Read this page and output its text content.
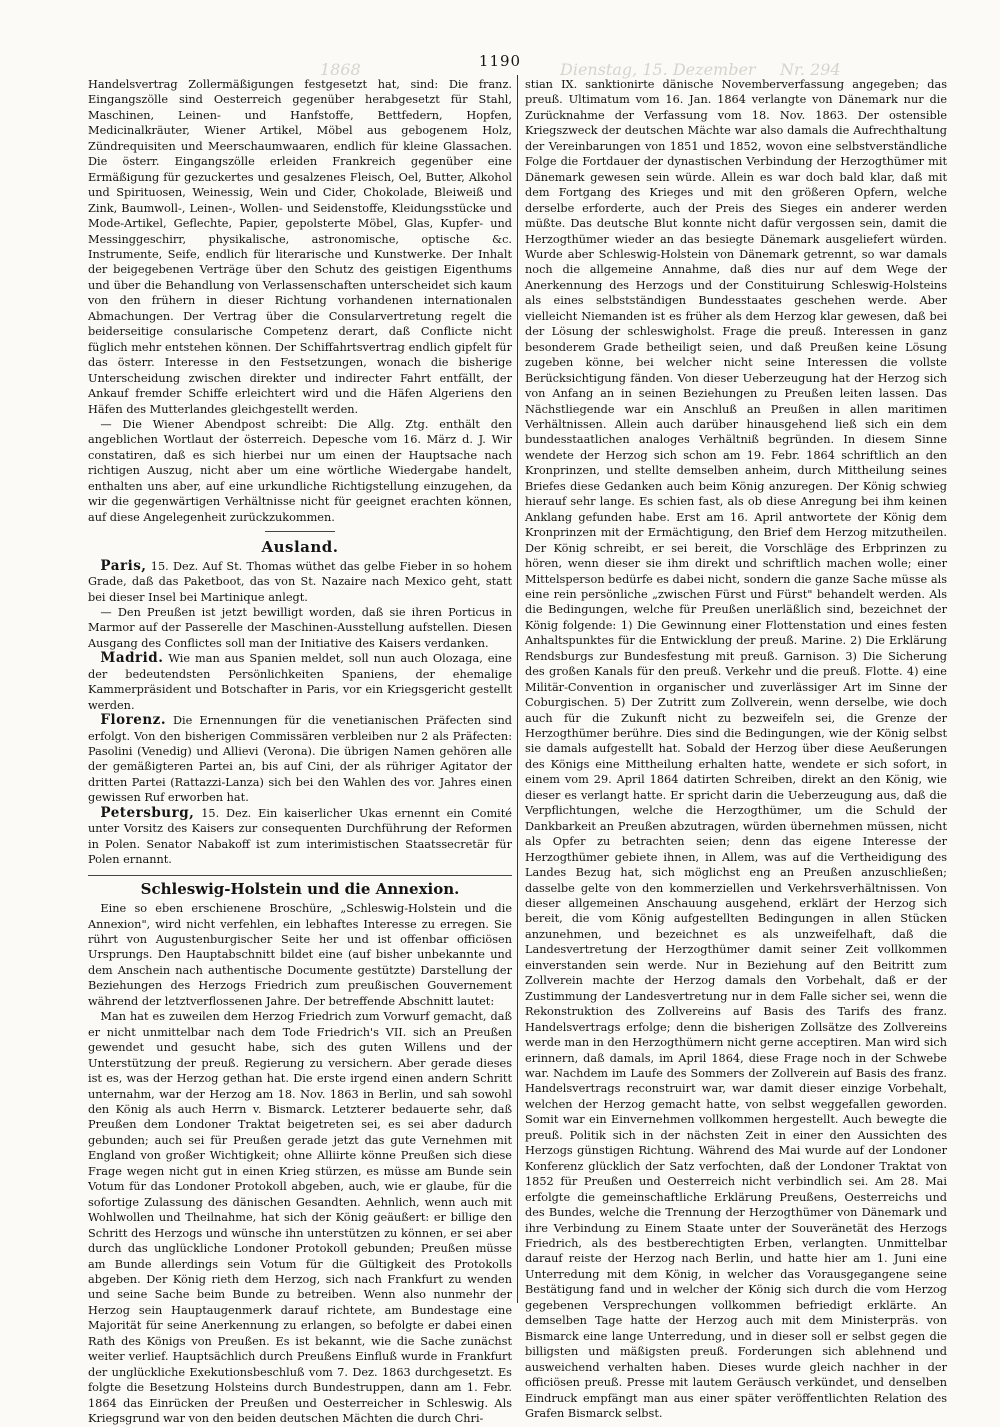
Nr. 294
Dienstag, 15. Dezember
1868	1190

Handelsvertrag Zollermäßigungen festgesetzt hat, sind: Die franz. Eingangszölle sind Oesterreich gegenüber herabgesetzt für Stahl, Maschinen, Leinen- und Hanfstoffe, Bettfedern, Hopfen, Medicinalkräuter, Wiener Artikel, Möbel aus gebogenem Holz, Zündrequisiten und Meerschaumwaaren, endlich für kleine Glassachen. Die österr. Eingangszölle erleiden Frankreich gegenüber eine Ermäßigung für gezuckertes und gesalzenes Fleisch, Oel, Butter, Alkohol und Spirituosen, Weinessig, Wein und Cider, Chokolade, Bleiweiß und Zink, Baumwoll-, Leinen-, Wollen- und Seidenstoffe, Kleidungsstücke und Mode-Artikel, Geflechte, Papier, gepolsterte Möbel, Glas, Kupfer- und Messinggeschirr, physikalische, astronomische, optische &c. Instrumente, Seife, endlich für literarische und Kunstwerke. Der Inhalt der beigegebenen Verträge über den Schutz des geistigen Eigenthums und über die Behandlung von Verlassenschaften unterscheidet sich kaum von den frühern in dieser Richtung vorhandenen internationalen Abmachungen. Der Vertrag über die Consularvertretung regelt die beiderseitige consularische Competenz derart, daß Conflicte nicht füglich mehr entstehen können. Der Schiffahrtsvertrag endlich gipfelt für das österr. Interesse in den Festsetzungen, wonach die bisherige Unterscheidung zwischen direkter und indirecter Fahrt entfällt, der Ankauf fremder Schiffe erleichtert wird und die Häfen Algeriens den Häfen des Mutterlandes gleichgestellt werden.

— Die Wiener Abendpost schreibt: Die Allg. Ztg. enthält den angeblichen Wortlaut der österreich. Depesche vom 16. März d. J. Wir constatiren, daß es sich hierbei nur um einen der Hauptsache nach richtigen Auszug, nicht aber um eine wörtliche Wiedergabe handelt, enthalten uns aber, auf eine urkundliche Richtigstellung einzugehen, da wir die gegenwärtigen Verhältnisse nicht für geeignet erachten können, auf diese Angelegenheit zurückzukommen.

Ausland.

Paris, 15. Dez. Auf St. Thomas wüthet das gelbe Fieber in so hohem Grade, daß das Paketboot, das von St. Nazaire nach Mexico geht, statt bei dieser Insel bei Martinique anlegt.

— Den Preußen ist jetzt bewilligt worden, daß sie ihren Porticus in Marmor auf der Passerelle der Maschinen-Ausstellung aufstellen. Diesen Ausgang des Conflictes soll man der Initiative des Kaisers verdanken.

Madrid. Wie man aus Spanien meldet, soll nun auch Olozaga, eine der bedeutendsten Persönlichkeiten Spaniens, der ehemalige Kammerpräsident und Botschafter in Paris, vor ein Kriegsgericht gestellt werden.

Florenz. Die Ernennungen für die venetianischen Präfecten sind erfolgt. Von den bisherigen Commissären verbleiben nur 2 als Präfecten: Pasolini (Venedig) und Allievi (Verona). Die übrigen Namen gehören alle der gemäßigteren Partei an, bis auf Cini, der als rühriger Agitator der dritten Partei (Rattazzi-Lanza) sich bei den Wahlen des vor. Jahres einen gewissen Ruf erworben hat.

Petersburg, 15. Dez. Ein kaiserlicher Ukas ernennt ein Comité unter Vorsitz des Kaisers zur consequenten Durchführung der Reformen in Polen. Senator Nabakoff ist zum interimistischen Staatssecretär für Polen ernannt.

Schleswig-Holstein und die Annexion.

Eine so eben erschienene Broschüre, „Schleswig-Holstein und die Annexion", wird nicht verfehlen, ein lebhaftes Interesse zu erregen. Sie rührt von Augustenburgischer Seite her und ist offenbar officiösen Ursprungs. Den Hauptabschnitt bildet eine (auf bisher unbekannte und dem Anschein nach authentische Documente gestützte) Darstellung der Beziehungen des Herzogs Friedrich zum preußischen Gouvernement während der letztverflossenen Jahre. Der betreffende Abschnitt lautet:

Man hat es zuweilen dem Herzog Friedrich zum Vorwurf gemacht, daß er nicht unmittelbar nach dem Tode Friedrich's VII. sich an Preußen gewendet und gesucht habe, sich des guten Willens und der Unterstützung der preuß. Regierung zu versichern. Aber gerade dieses ist es, was der Herzog gethan hat. Die erste irgend einen andern Schritt unternahm, war der Herzog am 18. Nov. 1863 in Berlin, und sah sowohl den König als auch Herrn v. Bismarck. Letzterer bedauerte sehr, daß Preußen dem Londoner Traktat beigetreten sei, es sei aber dadurch gebunden; auch sei für Preußen gerade jetzt das gute Vernehmen mit England von großer Wichtigkeit; ohne Alliirte könne Preußen sich diese Frage wegen nicht gut in einen Krieg stürzen, es müsse am Bunde sein Votum für das Londoner Protokoll abgeben, auch, wie er glaube, für die sofortige Zulassung des dänischen Gesandten. Aehnlich, wenn auch mit Wohlwollen und Theilnahme, hat sich der König geäußert: er billige den Schritt des Herzogs und wünsche ihn unterstützen zu können, er sei aber durch das unglückliche Londoner Protokoll gebunden; Preußen müsse am Bunde allerdings sein Votum für die Gültigkeit des Protokolls abgeben. Der König rieth dem Herzog, sich nach Frankfurt zu wenden und seine Sache beim Bunde zu betreiben. Wenn also nunmehr der Herzog sein Hauptaugenmerk darauf richtete, am Bundestage eine Majorität für seine Anerkennung zu erlangen, so befolgte er dabei einen Rath des Königs von Preußen. Es ist bekannt, wie die Sache zunächst weiter verlief. Hauptsächlich durch Preußens Einfluß wurde in Frankfurt der unglückliche Exekutionsbeschluß vom 7. Dez. 1863 durchgesetzt. Es folgte die Besetzung Holsteins durch Bundestruppen, dann am 1. Febr. 1864 das Einrücken der Preußen und Oesterreicher in Schleswig. Als Kriegsgrund war von den beiden deutschen Mächten die durch Chri-

stian IX. sanktionirte dänische Novemberverfassung angegeben; das preuß. Ultimatum vom 16. Jan. 1864 verlangte von Dänemark nur die Zurücknahme der Verfassung vom 18. Nov. 1863. Der ostensible Kriegszweck der deutschen Mächte war also damals die Aufrechthaltung der Vereinbarungen von 1851 und 1852, wovon eine selbstverständliche Folge die Fortdauer der dynastischen Verbindung der Herzogthümer mit Dänemark gewesen sein würde. Allein es war doch bald klar, daß mit dem Fortgang des Krieges und mit den größeren Opfern, welche derselbe erforderte, auch der Preis des Sieges ein anderer werden müßte. Das deutsche Blut konnte nicht dafür vergossen sein, damit die Herzogthümer wieder an das besiegte Dänemark ausgeliefert würden. Wurde aber Schleswig-Holstein von Dänemark getrennt, so war damals noch die allgemeine Annahme, daß dies nur auf dem Wege der Anerkennung des Herzogs und der Constituirung Schleswig-Holsteins als eines selbstständigen Bundesstaates geschehen werde. Aber vielleicht Niemanden ist es früher als dem Herzog klar gewesen, daß bei der Lösung der schleswigholst. Frage die preuß. Interessen in ganz besonderem Grade betheiligt seien, und daß Preußen keine Lösung zugeben könne, bei welcher nicht seine Interessen die vollste Berücksichtigung fänden. Von dieser Ueberzeugung hat der Herzog sich von Anfang an in seinen Beziehungen zu Preußen leiten lassen. Das Nächstliegende war ein Anschluß an Preußen in allen maritimen Verhältnissen. Allein auch darüber hinausgehend ließ sich ein dem bundesstaatlichen analoges Verhältniß begründen. In diesem Sinne wendete der Herzog sich schon am 19. Febr. 1864 schriftlich an den Kronprinzen, und stellte demselben anheim, durch Mittheilung seines Briefes diese Gedanken auch beim König anzuregen. Der König schwieg hierauf sehr lange. Es schien fast, als ob diese Anregung bei ihm keinen Anklang gefunden habe. Erst am 16. April antwortete der König dem Kronprinzen mit der Ermächtigung, den Brief dem Herzog mitzutheilen. Der König schreibt, er sei bereit, die Vorschläge des Erbprinzen zu hören, wenn dieser sie ihm direkt und schriftlich machen wolle; einer Mittelsperson bedürfe es dabei nicht, sondern die ganze Sache müsse als eine rein persönliche „zwischen Fürst und Fürst" behandelt werden. Als die Bedingungen, welche für Preußen unerläßlich sind, bezeichnet der König folgende: 1) Die Gewinnung einer Flottenstation und eines festen Anhaltspunktes für die Entwicklung der preuß. Marine. 2) Die Erklärung Rendsburgs zur Bundesfestung mit preuß. Garnison. 3) Die Sicherung des großen Kanals für den preuß. Verkehr und die preuß. Flotte. 4) eine Militär-Convention in organischer und zuverlässiger Art im Sinne der Coburgischen. 5) Der Zutritt zum Zollverein, wenn derselbe, wie doch auch für die Zukunft nicht zu bezweifeln sei, die Grenze der Herzogthümer berühre. Dies sind die Bedingungen, wie der König selbst sie damals aufgestellt hat. Sobald der Herzog über diese Aeußerungen des Königs eine Mittheilung erhalten hatte, wendete er sich sofort, in einem vom 29. April 1864 datirten Schreiben, direkt an den König, wie dieser es verlangt hatte. Er spricht darin die Ueberzeugung aus, daß die Verpflichtungen, welche die Herzogthümer, um die Schuld der Dankbarkeit an Preußen abzutragen, würden übernehmen müssen, nicht als Opfer zu betrachten seien; denn das eigene Interesse der Herzogthümer gebiete ihnen, in Allem, was auf die Vertheidigung des Landes Bezug hat, sich möglichst eng an Preußen anzuschließen; dasselbe gelte von den kommerziellen und Verkehrsverhältnissen. Von dieser allgemeinen Anschauung ausgehend, erklärt der Herzog sich bereit, die vom König aufgestellten Bedingungen in allen Stücken anzunehmen, und bezeichnet es als unzweifelhaft, daß die Landesvertretung der Herzogthümer damit seiner Zeit vollkommen einverstanden sein werde. Nur in Beziehung auf den Beitritt zum Zollverein machte der Herzog damals den Vorbehalt, daß er der Zustimmung der Landesvertretung nur in dem Falle sicher sei, wenn die Rekonstruktion des Zollvereins auf Basis des Tarifs des franz. Handelsvertrags erfolge; denn die bisherigen Zollsätze des Zollvereins werde man in den Herzogthümern nicht gerne acceptiren. Man wird sich erinnern, daß damals, im April 1864, diese Frage noch in der Schwebe war. Nachdem im Laufe des Sommers der Zollverein auf Basis des franz. Handelsvertrags reconstruirt war, war damit dieser einzige Vorbehalt, welchen der Herzog gemacht hatte, von selbst weggefallen geworden. Somit war ein Einvernehmen vollkommen hergestellt. Auch bewegte die preuß. Politik sich in der nächsten Zeit in einer den Aussichten des Herzogs günstigen Richtung. Während des Mai wurde auf der Londoner Konferenz glücklich der Satz verfochten, daß der Londoner Traktat von 1852 für Preußen und Oesterreich nicht verbindlich sei. Am 28. Mai erfolgte die gemeinschaftliche Erklärung Preußens, Oesterreichs und des Bundes, welche die Trennung der Herzogthümer von Dänemark und ihre Verbindung zu Einem Staate unter der Souveränetät des Herzogs Friedrich, als des bestberechtigten Erben, verlangten. Unmittelbar darauf reiste der Herzog nach Berlin, und hatte hier am 1. Juni eine Unterredung mit dem König, in welcher das Vorausgegangene seine Bestätigung fand und in welcher der König sich durch die vom Herzog gegebenen Versprechungen vollkommen befriedigt erklärte. An demselben Tage hatte der Herzog auch mit dem Ministerpräs. von Bismarck eine lange Unterredung, und in dieser soll er selbst gegen die billigsten und mäßigsten preuß. Forderungen sich ablehnend und ausweichend verhalten haben. Dieses wurde gleich nachher in der officiösen preuß. Presse mit lautem Geräusch verkündet, und denselben Eindruck empfängt man aus einer später veröffentlichten Relation des Grafen Bismarck selbst.
